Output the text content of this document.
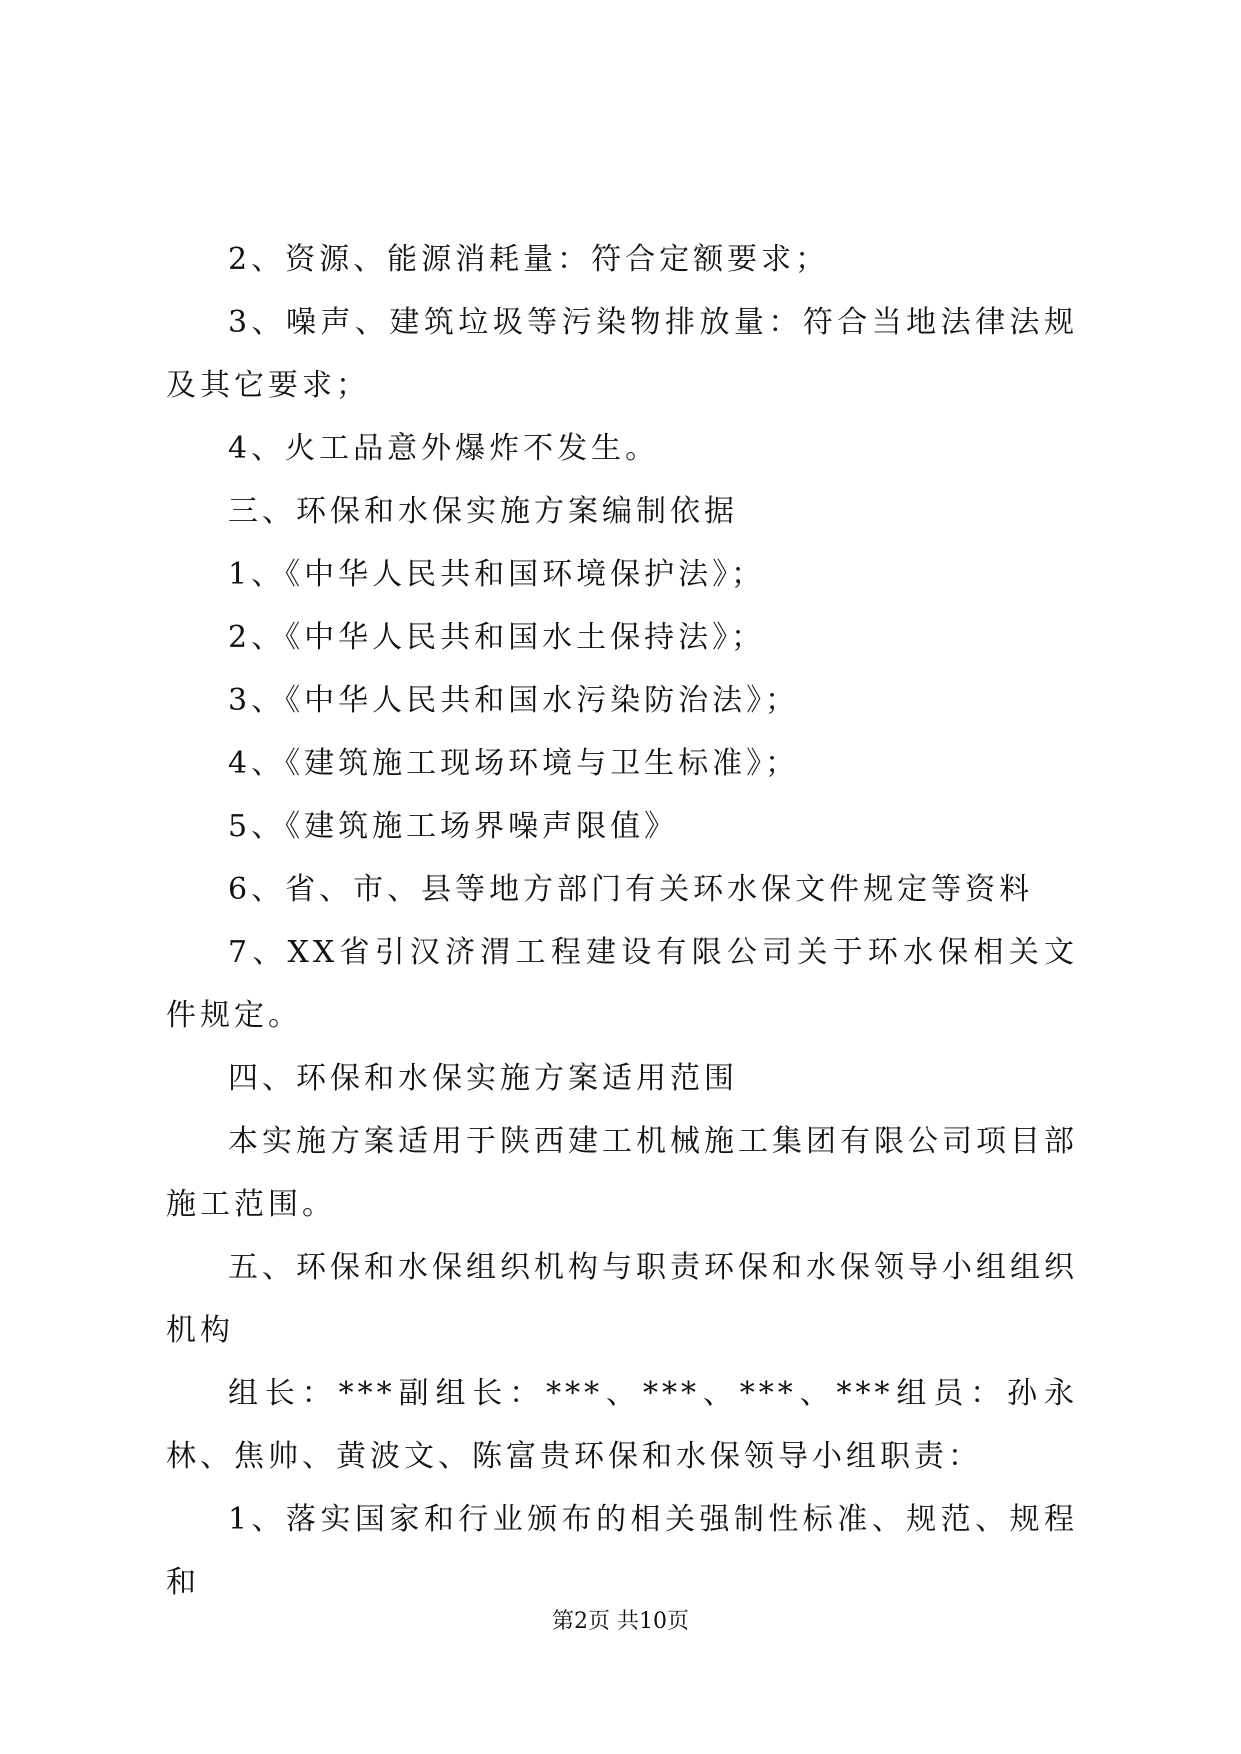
2、资源、能源消耗量：符合定额要求；

3、噪声、建筑垃圾等污染物排放量：符合当地法律法规及其它要求；

4、火工品意外爆炸不发生。

三、环保和水保实施方案编制依据

1、《中华人民共和国环境保护法》；

2、《中华人民共和国水土保持法》；

3、《中华人民共和国水污染防治法》；

4、《建筑施工现场环境与卫生标准》；

5、《建筑施工场界噪声限值》

6、省、市、县等地方部门有关环水保文件规定等资料

7、XX省引汉济渭工程建设有限公司关于环水保相关文件规定。

四、环保和水保实施方案适用范围

本实施方案适用于陕西建工机械施工集团有限公司项目部施工范围。

五、环保和水保组织机构与职责环保和水保领导小组组织机构

组长：***副组长：***、***、***、***组员：孙永林、焦帅、黄波文、陈富贵环保和水保领导小组职责：

1、落实国家和行业颁布的相关强制性标准、规范、规程和

第2页 共10页
